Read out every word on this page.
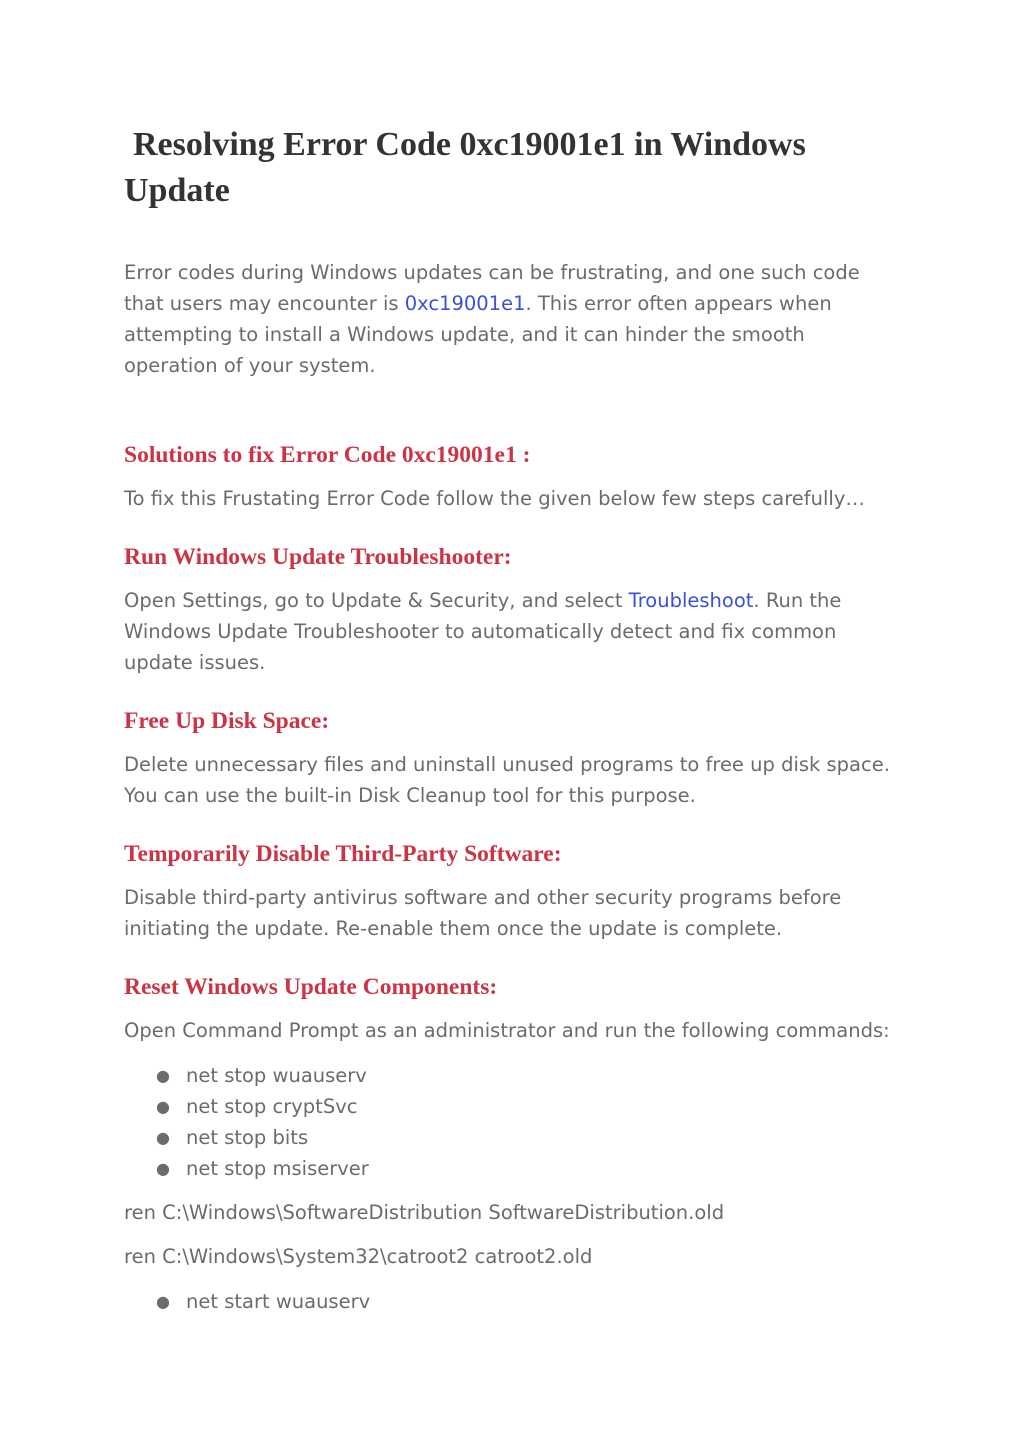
Resolving Error Code 0xc19001e1 in Windows Update

Error codes during Windows updates can be frustrating, and one such code that users may encounter is 0xc19001e1. This error often appears when attempting to install a Windows update, and it can hinder the smooth operation of your system.

Solutions to fix Error Code 0xc19001e1 :

To fix this Frustating Error Code follow the given below few steps carefully…

Run Windows Update Troubleshooter:

Open Settings, go to Update & Security, and select Troubleshoot. Run the Windows Update Troubleshooter to automatically detect and fix common update issues.

Free Up Disk Space:

Delete unnecessary files and uninstall unused programs to free up disk space. You can use the built-in Disk Cleanup tool for this purpose.

Temporarily Disable Third-Party Software:

Disable third-party antivirus software and other security programs before initiating the update. Re-enable them once the update is complete.

Reset Windows Update Components:

Open Command Prompt as an administrator and run the following commands:

● net stop wuauserv
● net stop cryptSvc
● net stop bits
● net stop msiserver

ren C:\Windows\SoftwareDistribution SoftwareDistribution.old

ren C:\Windows\System32\catroot2 catroot2.old

● net start wuauserv
